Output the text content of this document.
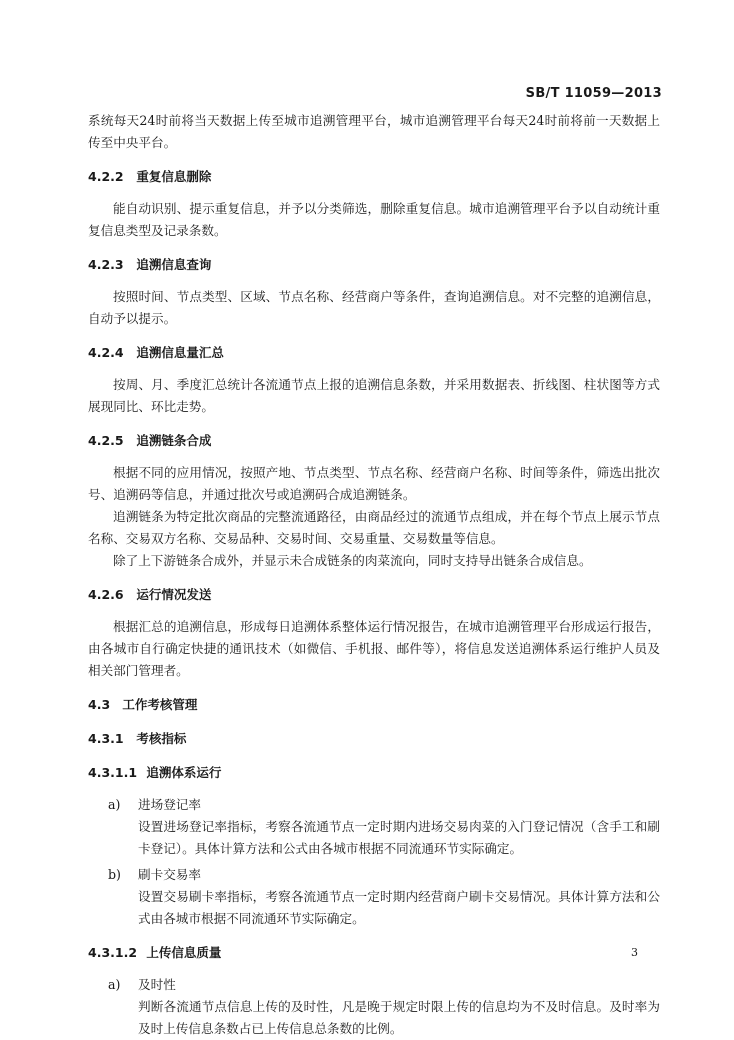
SB/T 11059—2013

系统每天24时前将当天数据上传至城市追溯管理平台，城市追溯管理平台每天24时前将前一天数据上传至中央平台。

4.2.2 重复信息删除

能自动识别、提示重复信息，并予以分类筛选，删除重复信息。城市追溯管理平台予以自动统计重复信息类型及记录条数。

4.2.3 追溯信息查询

按照时间、节点类型、区域、节点名称、经营商户等条件，查询追溯信息。对不完整的追溯信息，自动予以提示。

4.2.4 追溯信息量汇总

按周、月、季度汇总统计各流通节点上报的追溯信息条数，并采用数据表、折线图、柱状图等方式展现同比、环比走势。

4.2.5 追溯链条合成

根据不同的应用情况，按照产地、节点类型、节点名称、经营商户名称、时间等条件，筛选出批次号、追溯码等信息，并通过批次号或追溯码合成追溯链条。

追溯链条为特定批次商品的完整流通路径，由商品经过的流通节点组成，并在每个节点上展示节点名称、交易双方名称、交易品种、交易时间、交易重量、交易数量等信息。

除了上下游链条合成外，并显示未合成链条的肉菜流向，同时支持导出链条合成信息。

4.2.6 运行情况发送

根据汇总的追溯信息，形成每日追溯体系整体运行情况报告，在城市追溯管理平台形成运行报告，由各城市自行确定快捷的通讯技术（如微信、手机报、邮件等），将信息发送追溯体系运行维护人员及相关部门管理者。

4.3 工作考核管理
4.3.1 考核指标
4.3.1.1 追溯体系运行
a)	进场登记率

设置进场登记率指标，考察各流通节点一定时期内进场交易肉菜的入门登记情况（含手工和刷卡登记）。具体计算方法和公式由各城市根据不同流通环节实际确定。

b)	刷卡交易率

设置交易刷卡率指标，考察各流通节点一定时期内经营商户刷卡交易情况。具体计算方法和公式由各城市根据不同流通环节实际确定。

4.3.1.2 上传信息质量
a)	及时性

判断各流通节点信息上传的及时性，凡是晚于规定时限上传的信息均为不及时信息。及时率为及时上传信息条数占已上传信息总条数的比例。

3
